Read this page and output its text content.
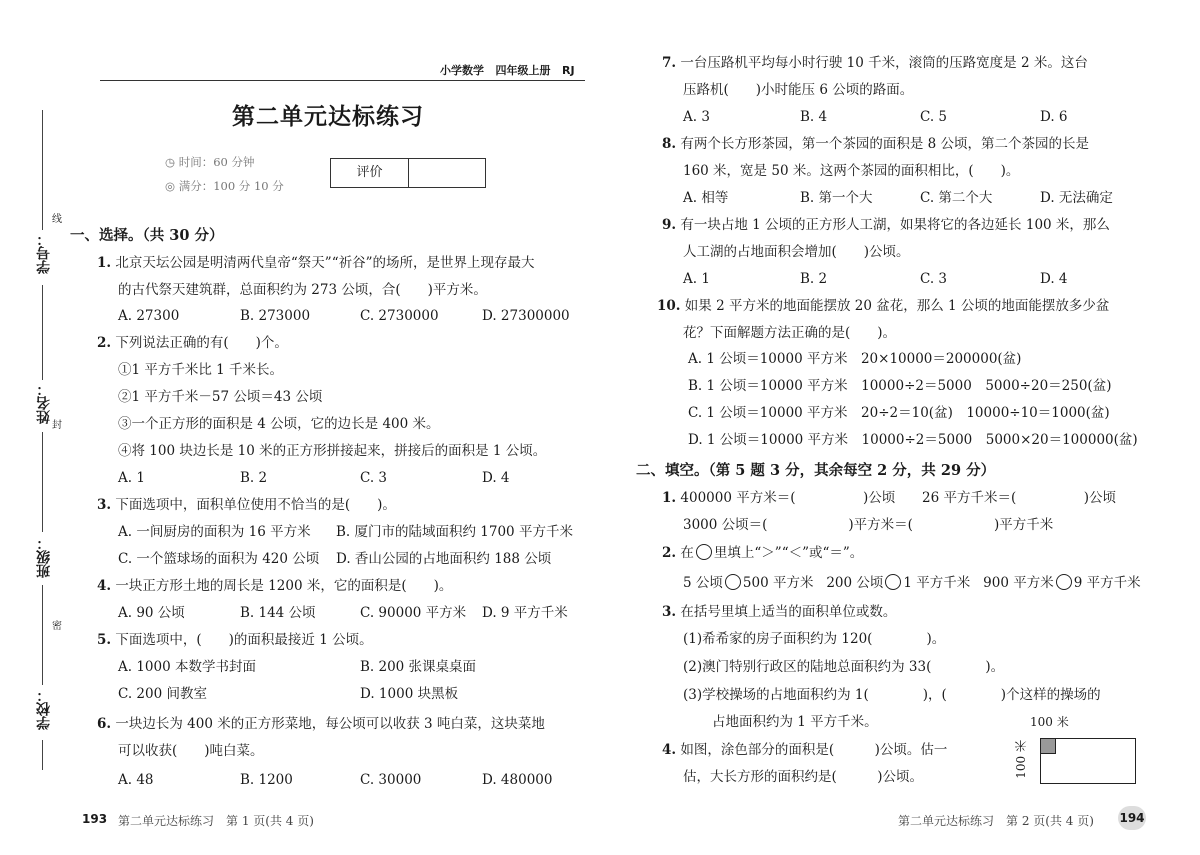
学号：
姓名：
班级：
学校：
线
封
密
小学数学 四年级上册 RJ
第二单元达标练习
◷ 时间：60 分钟
◎ 满分：100 分 10 分
评价
一、选择。（共 30 分）
1. 北京天坛公园是明清两代皇帝“祭天”“祈谷”的场所，是世界上现存最大
的古代祭天建筑群，总面积约为 273 公顷，合(　　)平方米。
A. 27300	B. 273000	C. 2730000	D. 27300000
2. 下列说法正确的有(　　)个。
①1 平方千米比 1 千米长。
②1 平方千米－57 公顷＝43 公顷
③一个正方形的面积是 4 公顷，它的边长是 400 米。
④将 100 块边长是 10 米的正方形拼接起来，拼接后的面积是 1 公顷。
A. 1	B. 2	C. 3	D. 4
3. 下面选项中，面积单位使用不恰当的是(　　)。
A. 一间厨房的面积为 16 平方米 B. 厦门市的陆域面积约 1700 平方千米
C. 一个篮球场的面积为 420 公顷 D. 香山公园的占地面积约 188 公顷
4. 一块正方形土地的周长是 1200 米，它的面积是(　　)。
A. 90 公顷	B. 144 公顷	C. 90000 平方米 D. 9 平方千米
5. 下面选项中，(　　)的面积最接近 1 公顷。
A. 1000 本数学书封面	B. 200 张课桌桌面
C. 200 间教室	D. 1000 块黑板
6. 一块边长为 400 米的正方形菜地，每公顷可以收获 3 吨白菜，这块菜地
可以收获(　　)吨白菜。
A. 48	B. 1200	C. 30000	D. 480000
193 第二单元达标练习　第 1 页(共 4 页)
7. 一台压路机平均每小时行驶 10 千米，滚筒的压路宽度是 2 米。这台
压路机(　　)小时能压 6 公顷的路面。
A. 3	B. 4	C. 5	D. 6
8. 有两个长方形茶园，第一个茶园的面积是 8 公顷，第二个茶园的长是
160 米，宽是 50 米。这两个茶园的面积相比，(　　)。
A. 相等	B. 第一个大	C. 第二个大	D. 无法确定
9. 有一块占地 1 公顷的正方形人工湖，如果将它的各边延长 100 米，那么
人工湖的占地面积会增加(　　)公顷。
A. 1	B. 2	C. 3	D. 4
10. 如果 2 平方米的地面能摆放 20 盆花，那么 1 公顷的地面能摆放多少盆
花？下面解题方法正确的是(　　)。
A. 1 公顷＝10000 平方米　20×10000＝200000(盆)
B. 1 公顷＝10000 平方米　10000÷2＝5000　5000÷20＝250(盆)
C. 1 公顷＝10000 平方米　20÷2＝10(盆)　10000÷10＝1000(盆)
D. 1 公顷＝10000 平方米　10000÷2＝5000　5000×20＝100000(盆)
二、填空。（第 5 题 3 分，其余每空 2 分，共 29 分）
1. 400000 平方米＝(　　　　　)公顷 26 平方千米＝(　　　　　)公顷
3000 公顷＝(　　　　　　)平方米＝(　　　　　　)平方千米
2. 在 里填上“＞”“＜”或“＝”。
5 公顷 500 平方米 200 公顷 1 平方千米 900 平方米 9 平方千米
3. 在括号里填上适当的面积单位或数。
(1)希希家的房子面积约为 120(　　　　)。
(2)澳门特别行政区的陆地总面积约为 33(　　　　)。
(3)学校操场的占地面积约为 1(　　　　)，(　　　　)个这样的操场的
占地面积约为 1 平方千米。
4. 如图，涂色部分的面积是(　　　)公顷。估一
估，大长方形的面积约是(　　　)公顷。
100 米
100 米
第二单元达标练习　第 2 页(共 4 页) 194
